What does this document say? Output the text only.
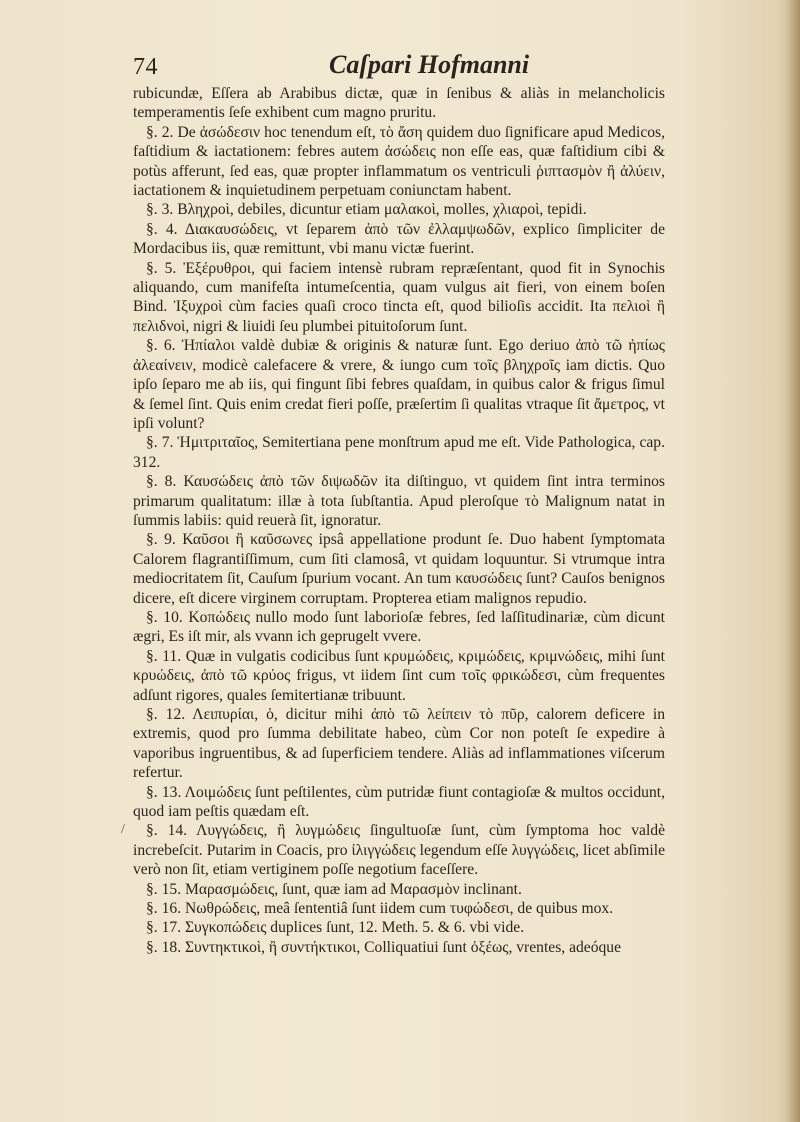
74	Caſpari Hofmanni
/

rubicundæ, Eſſera ab Arabibus dictæ, quæ in ſenibus & aliàs in melancholicis temperamentis ſeſe exhibent cum magno pruritu.

§. 2. De ἀσώδεσιν hoc tenendum eſt, τὸ ἄση quidem duo ſignificare apud Medicos, faſtidium & iactationem: febres autem ἀσώδεις non eſſe eas, quæ faſtidium cibi & potùs afferunt, ſed eas, quæ propter inflammatum os ventriculi ῥιπτασμὸν ἢ ἀλύειν, iactationem & inquietudinem perpetuam coniunctam habent.

§. 3. Βληχροὶ, debiles, dicuntur etiam μαλακοὶ, molles, χλιαροὶ, tepidi.

§. 4. Διακαυσώδεις, vt ſeparem ἀπὸ τῶν ἐλλαμψωδῶν, explico ſimpliciter de Mordacibus iis, quæ remittunt, vbi manu victæ fuerint.

§. 5. Ἐξέρυθροι, qui faciem intensè rubram repræſentant, quod fit in Synochis aliquando, cum manifeſta intumeſcentia, quam vulgus ait fieri, von einem boſen Bind. Ἰξυχροὶ cùm facies quaſi croco tincta eſt, quod bilioſis accidit. Ita πελιοὶ ἢ πελιδνοὶ, nigri & liuidi ſeu plumbei pituitoſorum ſunt.

§. 6. Ἠπίαλοι valdè dubiæ & originis & naturæ ſunt. Ego deriuo ἀπὸ τῶ ἠπίως ἀλεαίνειν, modicè calefacere & vrere, & iungo cum τοῖς βληχροῖς iam dictis. Quo ipſo ſeparo me ab iis, qui fingunt ſibi febres quaſdam, in quibus calor & frigus ſimul & ſemel ſint. Quis enim credat fieri poſſe, præſertim ſi qualitas vtraque ſit ἄμετρος, vt ipſi volunt?

§. 7. Ἡμιτριταῖος, Semitertiana pene monſtrum apud me eſt. Vide Pathologica, cap. 312.

§. 8. Καυσώδεις ἀπὸ τῶν διψωδῶν ita diſtinguo, vt quidem ſint intra terminos primarum qualitatum: illæ à tota ſubſtantia. Apud pleroſque τὸ Malignum natat in ſummis labiis: quid reuerà ſit, ignoratur.

§. 9. Καῦσοι ἢ καῦσωνες ipsâ appellatione produnt ſe. Duo habent ſymptomata Calorem flagrantiſſimum, cum ſiti clamosâ, vt quidam loquuntur. Si vtrumque intra mediocritatem ſit, Cauſum ſpurium vocant. An tum καυσώδεις ſunt? Cauſos benignos dicere, eſt dicere virginem corruptam. Propterea etiam malignos repudio.

§. 10. Κοπώδεις nullo modo ſunt laborioſæ febres, ſed laſſitudinariæ, cùm dicunt ægri, Es iſt mir, als vvann ich geprugelt vvere.

§. 11. Quæ in vulgatis codicibus ſunt κρυμώδεις, κριμώδεις, κριμνώδεις, mihi ſunt κρυώδεις, ἀπὸ τῶ κρύος frigus, vt iidem ſint cum τοῖς φρικώδεσι, cùm frequentes adſunt rigores, quales ſemitertianæ tribuunt.

§. 12. Λειπυρίαι, ὁ, dicitur mihi ἀπὸ τῶ λείπειν τὸ πῦρ, calorem deficere in extremis, quod pro ſumma debilitate habeo, cùm Cor non poteſt ſe expedire à vaporibus ingruentibus, & ad ſuperficiem tendere. Aliàs ad inflammationes viſcerum refertur.

§. 13. Λοιμώδεις ſunt peſtilentes, cùm putridæ fiunt contagioſæ & multos occidunt, quod iam peſtis quædam eſt.

§. 14. Λυγγώδεις, ἢ λυγμώδεις ſingultuoſæ ſunt, cùm ſymptoma hoc valdè increbeſcit. Putarim in Coacis, pro ἰλιγγώδεις legendum eſſe λυγγώδεις, licet abſimile verò non ſit, etiam vertiginem poſſe negotium faceſſere.

§. 15. Μαρασμώδεις, ſunt, quæ iam ad Μαρασμὸν inclinant.

§. 16. Νωθρώδεις, meâ ſententiâ ſunt iidem cum τυφώδεσι, de quibus mox.

§. 17. Συγκοπώδεις duplices ſunt, 12. Meth. 5. & 6. vbi vide.

§. 18. Συντηκτικοὶ, ἢ συντήκτικοι, Colliquatiui ſunt ὀξέως, vrentes, adeóque
